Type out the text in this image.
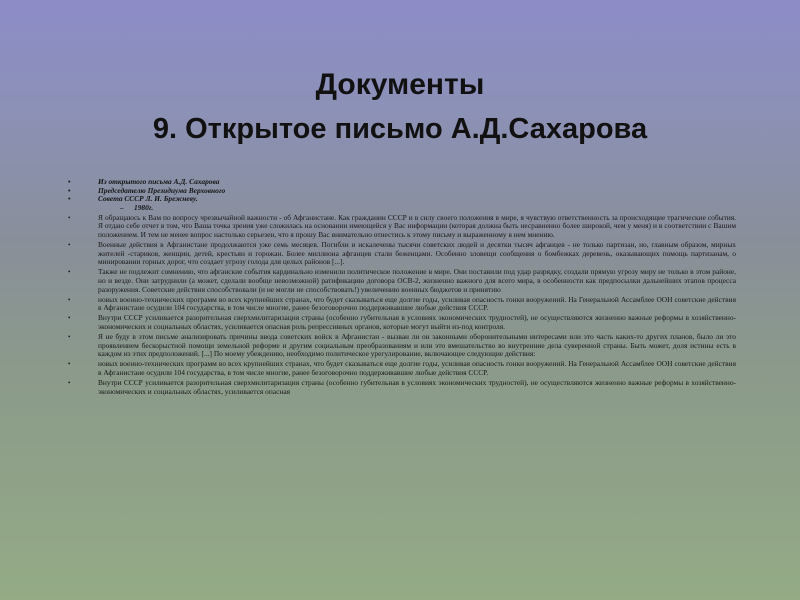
Документы
9. Открытое письмо А.Д.Сахарова
•	Из открытого письма А.Д. Сахарова
•	Председателю Президиума Верховного
•	Совета СССР Л. И. Брежневу.
– 1980г.
•	Я обращаюсь к Вам по вопросу чрезвычайной важности - об Афганистане. Как гражданин СССР и в силу своего положения в мире, я чувствую ответственность за происходящие трагические события. Я отдаю себе отчет в том, что Ваша точка зрения уже сложилась на основании имеющейся у Вас информации (которая должна быть несравненно более широкой, чем у меня) и в соответствии с Вашим положением. И тем не менее вопрос настолько серьезен, что я прошу Вас внимательно отнестись к этому письму и выраженному в нем мнению.
•	Военные действия в Афганистане продолжаются уже семь месяцев. Погибли и искалечены тысячи советских людей и десятки тысяч афганцев - не только партизан, но, главным образом, мирных жителей -стариков, женщин, детей, крестьян и горожан. Более миллиона афганцев стали беженцами. Особенно зловещи сообщения о бомбежках деревень, оказывающих помощь партизанам, о минировании горных дорог, что создает угрозу голода для целых районов [...].
•	Также не подлежит сомнению, что афганские события кардинально изменили политическое положение в мире. Они поставили под удар разрядку, создали прямую угрозу миру не только в этом районе, но и везде. Они затруднили (а может, сделали вообще невозможной) ратификацию договора ОСВ-2, жизненно важного для всего мира, в особенности как предпосылки дальнейших этапов процесса разоружения. Советские действия способствовали (и не могли не способствовать!) увеличению военных бюджетов и принятию
•	новых военно-технических программ во всех крупнейших странах, что будет сказываться еще долгие годы, усиливая опасность гонки вооружений. На Генеральной Ассамблее ООН советские действия в Афганистане осудили 104 государства, в том числе многие, ранее безоговорочно поддерживавшие любые действия СССР.
•	Внутри СССР усиливается разорительная сверхмилитаризация страны (особенно губительная в условиях экономических трудностей), не осуществляются жизненно важные реформы в хозяйственно-экономических и социальных областях, усиливается опасная роль репрессивных органов, которые могут выйти из-под контроля.
•	Я не буду в этом письме анализировать причины ввода советских войск в Афганистан - вызван ли он законными оборонительными интересами или это часть каких-то других планов, было ли это проявлением бескорыстной помощи земельной реформе и другим социальным преобразованиям и или это вмешательство во внутренние дела суверенной страны. Быть может, доля истины есть в каждом из этих предположений. [...] По моему убеждению, необходимо политическое урегулирование, включающее следующие действия:
•	новых военно-технических программ во всех крупнейших странах, что будет сказываться еще долгие годы, усиливая опасность гонки вооружений. На Генеральной Ассамблее ООН советские действия в Афганистане осудили 104 государства, в том числе многие, ранее безоговорочно поддерживавшие любые действия СССР.
•	Внутри СССР усиливается разорительная сверхмилитаризация страны (особенно губительная в условиях экономических трудностей), не осуществляются жизненно важные реформы в хозяйственно-экономических и социальных областях, усиливается опасная
